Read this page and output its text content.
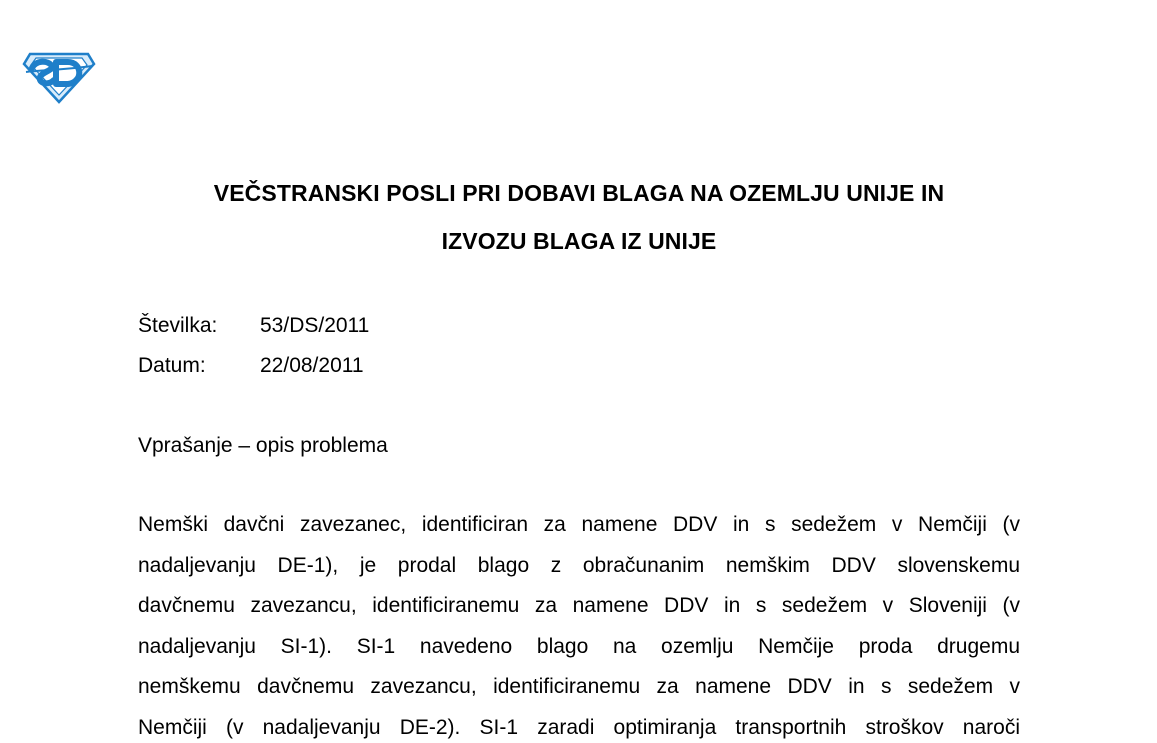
VEČSTRANSKI POSLI PRI DOBAVI BLAGA NA OZEMLJU UNIJE IN
IZVOZU BLAGA IZ UNIJE
Številka: 53/DS/2011
Datum:	22/08/2011
Vprašanje – opis problema
Nemški davčni zavezanec, identificiran za namene DDV in s sedežem v Nemčiji (v
nadaljevanju DE-1), je prodal blago z obračunanim nemškim DDV slovenskemu
davčnemu zavezancu, identificiranemu za namene DDV in s sedežem v Sloveniji (v
nadaljevanju SI-1). SI-1 navedeno blago na ozemlju Nemčije proda drugemu
nemškemu davčnemu zavezancu, identificiranemu za namene DDV in s sedežem v
Nemčiji (v nadaljevanju DE-2). SI-1 zaradi optimiranja transportnih stroškov naroči
